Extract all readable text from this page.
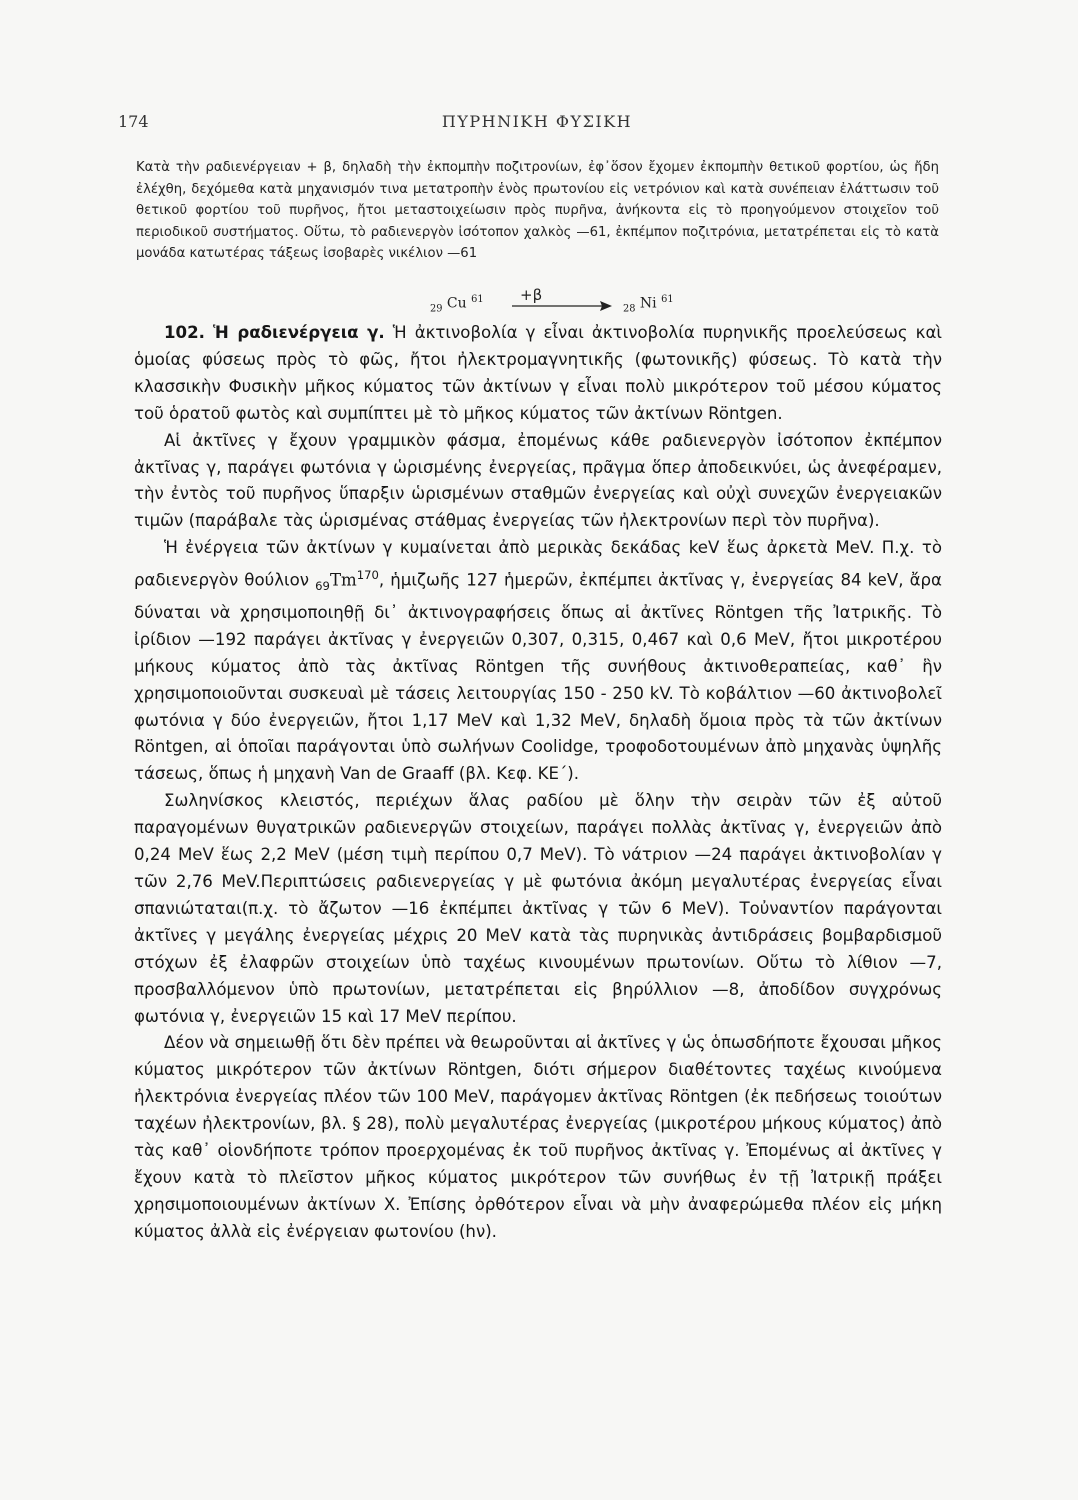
174	ΠΥΡΗΝΙΚΗ ΦΥΣΙΚΗ

Κατὰ τὴν ραδιενέργειαν + β, δηλαδὴ τὴν ἐκπομπὴν ποζιτρονίων, ἐφ᾽ὅσον ἔχομεν ἐκπομπὴν θετικοῦ φορτίου, ὡς ἤδη ἐλέχθη, δεχόμεθα κατὰ μηχανισμόν τινα μετατροπὴν ἑνὸς πρωτονίου εἰς νετρόνιον καὶ κατὰ συνέπειαν ἐλάττωσιν τοῦ θετικοῦ φορτίου τοῦ πυρῆνος, ἤτοι μεταστοιχείωσιν πρὸς πυρῆνα, ἀνήκοντα εἰς τὸ προηγούμενον στοιχεῖον τοῦ περιοδικοῦ συστήματος. Οὕτω, τὸ ραδιενεργὸν ἰσότοπον χαλκὸς —61, ἐκπέμπον ποζιτρόνια, μετατρέπεται εἰς τὸ κατὰ μονάδα κατωτέρας τάξεως ἰσοβαρὲς νικέλιον —61

$_{29}$ Cu $^{61}$ +β
$_{28}$ Ni $^{61}$

102. Ἡ ραδιενέργεια γ. Ἡ ἀκτινοβολία γ εἶναι ἀκτινοβολία πυρηνικῆς προελεύσεως καὶ ὁμοίας φύσεως πρὸς τὸ φῶς, ἤτοι ἠλεκτρομαγνητικῆς (φωτονικῆς) φύσεως. Τὸ κατὰ τὴν κλασσικὴν Φυσικὴν μῆκος κύματος τῶν ἀκτίνων γ εἶναι πολὺ μικρότερον τοῦ μέσου κύματος τοῦ ὁρατοῦ φωτὸς καὶ συμπίπτει μὲ τὸ μῆκος κύματος τῶν ἀκτίνων Röntgen.

Αἱ ἀκτῖνες γ ἔχουν γραμμικὸν φάσμα, ἐπομένως κάθε ραδιενεργὸν ἰσότοπον ἐκπέμπον ἀκτῖνας γ, παράγει φωτόνια γ ὡρισμένης ἐνεργείας, πρᾶγμα ὅπερ ἀποδεικνύει, ὡς ἀνεφέραμεν, τὴν ἐντὸς τοῦ πυρῆνος ὕπαρξιν ὡρισμένων σταθμῶν ἐνεργείας καὶ οὐχὶ συνεχῶν ἐνεργειακῶν τιμῶν (παράβαλε τὰς ὡρισμένας στάθμας ἐνεργείας τῶν ἠλεκτρονίων περὶ τὸν πυρῆνα).

Ἡ ἐνέργεια τῶν ἀκτίνων γ κυμαίνεται ἀπὸ μερικὰς δεκάδας keV ἕως ἀρκετὰ MeV. Π.χ. τὸ ραδιενεργὸν θούλιον $_{69}Tm^{170}$, ἡμιζωῆς 127 ἡμερῶν, ἐκπέμπει ἀκτῖνας γ, ἐνεργείας 84 keV, ἄρα δύναται νὰ χρησιμοποιηθῇ δι᾽ ἀκτινογραφήσεις ὅπως αἱ ἀκτῖνες Röntgen τῆς Ἰατρικῆς. Τὸ ἰρίδιον —192 παράγει ἀκτῖνας γ ἐνεργειῶν 0,307, 0,315, 0,467 καὶ 0,6 MeV, ἤτοι μικροτέρου μήκους κύματος ἀπὸ τὰς ἀκτῖνας Röntgen τῆς συνήθους ἀκτινοθεραπείας, καθ᾽ ἣν χρησιμοποιοῦνται συσκευαὶ μὲ τάσεις λειτουργίας 150 - 250 kV. Τὸ κοβάλτιον —60 ἀκτινοβολεῖ φωτόνια γ δύο ἐνεργειῶν, ἤτοι 1,17 MeV καὶ 1,32 MeV, δηλαδὴ ὅμοια πρὸς τὰ τῶν ἀκτίνων Röntgen, αἱ ὁποῖαι παράγονται ὑπὸ σωλήνων Coolidge, τροφοδοτουμένων ἀπὸ μηχανὰς ὑψηλῆς τάσεως, ὅπως ἡ μηχανὴ Van de Graaff (βλ. Κεφ. ΚΕ΄).

Σωληνίσκος κλειστός, περιέχων ἅλας ραδίου μὲ ὅλην τὴν σειρὰν τῶν ἐξ αὐτοῦ παραγομένων θυγατρικῶν ραδιενεργῶν στοιχείων, παράγει πολλὰς ἀκτῖνας γ, ἐνεργειῶν ἀπὸ 0,24 MeV ἕως 2,2 MeV (μέση τιμὴ περίπου 0,7 MeV). Τὸ νάτριον —24 παράγει ἀκτινοβολίαν γ τῶν 2,76 MeV.Περιπτώσεις ραδιενεργείας γ μὲ φωτόνια ἀκόμη μεγαλυτέρας ἐνεργείας εἶναι σπανιώταται(π.χ. τὸ ἄζωτον —16 ἐκπέμπει ἀκτῖνας γ τῶν 6 MeV). Τοὐναντίον παράγονται ἀκτῖνες γ μεγάλης ἐνεργείας μέχρις 20 MeV κατὰ τὰς πυρηνικὰς ἀντιδράσεις βομβαρδισμοῦ στόχων ἐξ ἐλαφρῶν στοιχείων ὑπὸ ταχέως κινουμένων πρωτονίων. Οὕτω τὸ λίθιον —7, προσβαλλόμενον ὑπὸ πρωτονίων, μετατρέπεται εἰς βηρύλλιον —8, ἀποδίδον συγχρόνως φωτόνια γ, ἐνεργειῶν 15 καὶ 17 MeV περίπου.

Δέον νὰ σημειωθῇ ὅτι δὲν πρέπει νὰ θεωροῦνται αἱ ἀκτῖνες γ ὡς ὁπωσδήποτε ἔχουσαι μῆκος κύματος μικρότερον τῶν ἀκτίνων Röntgen, διότι σήμερον διαθέτοντες ταχέως κινούμενα ἠλεκτρόνια ἐνεργείας πλέον τῶν 100 MeV, παράγομεν ἀκτῖνας Röntgen (ἐκ πεδήσεως τοιούτων ταχέων ἠλεκτρονίων, βλ. § 28), πολὺ μεγαλυτέρας ἐνεργείας (μικροτέρου μήκους κύματος) ἀπὸ τὰς καθ᾽ οἱονδήποτε τρόπον προερχομένας ἐκ τοῦ πυρῆνος ἀκτῖνας γ. Ἐπομένως αἱ ἀκτῖνες γ ἔχουν κατὰ τὸ πλεῖστον μῆκος κύματος μικρότερον τῶν συνήθως ἐν τῇ Ἰατρικῇ πράξει χρησιμοποιουμένων ἀκτίνων X. Ἐπίσης ὀρθότερον εἶναι νὰ μὴν ἀναφερώμεθα πλέον εἰς μήκη κύματος ἀλλὰ εἰς ἐνέργειαν φωτονίου (hν).
